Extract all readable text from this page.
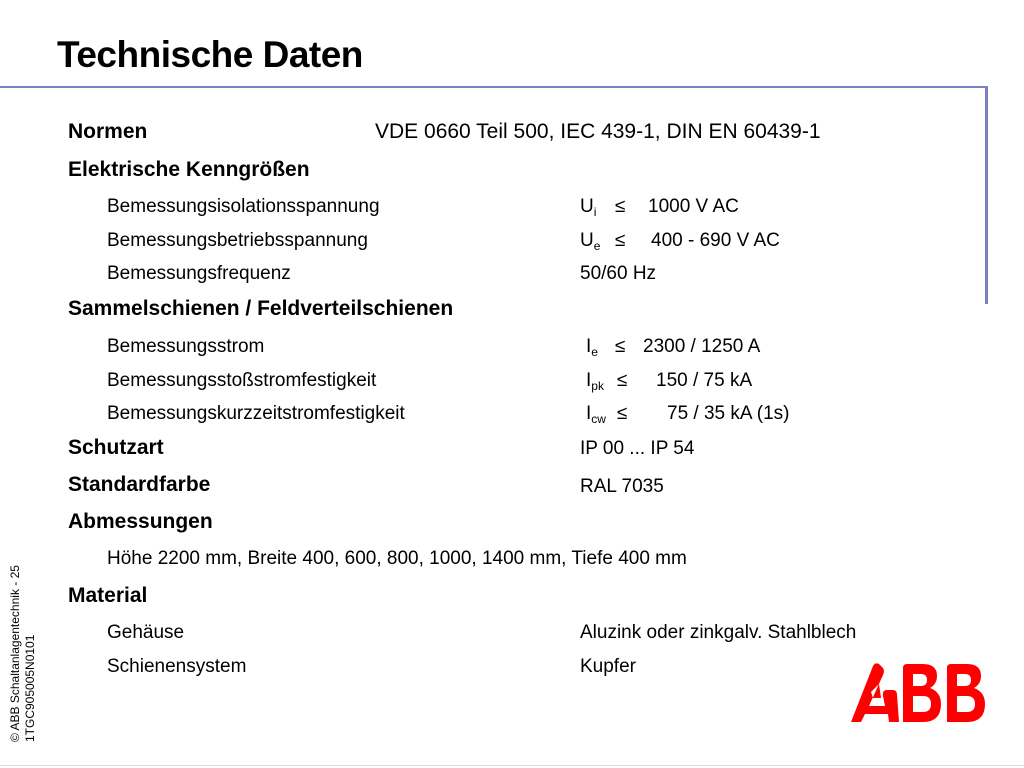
Technische Daten
© ABB Schaltanlagentechnik - 25 1TGC905005N0101
Normen	VDE 0660 Teil 500, IEC 439-1, DIN EN 60439-1
Elektrische Kenngrößen
Bemessungsisolationsspannung	$U_i \le 1000$ V AC
Bemessungsbetriebsspannung	$U_e \le 400 - 690$ V AC
Bemessungsfrequenz	50/60 Hz
Sammelschienen / Feldverteilschienen
Bemessungsstrom	$I_e \le 2300 / 1250$ A
Bemessungsstoßstromfestigkeit	$I_{pk} \le 150 / 75$ kA
Bemessungskurzzeitstromfestigkeit	$I_{cw} \le 75 / 35$ kA (1s)
Schutzart	IP 00 ... IP 54
Standardfarbe	RAL 7035
Abmessungen
Höhe 2200 mm, Breite 400, 600, 800, 1000, 1400 mm, Tiefe 400 mm
Material
Gehäuse	Aluzink oder zinkgalv. Stahlblech
Schienensystem	Kupfer
